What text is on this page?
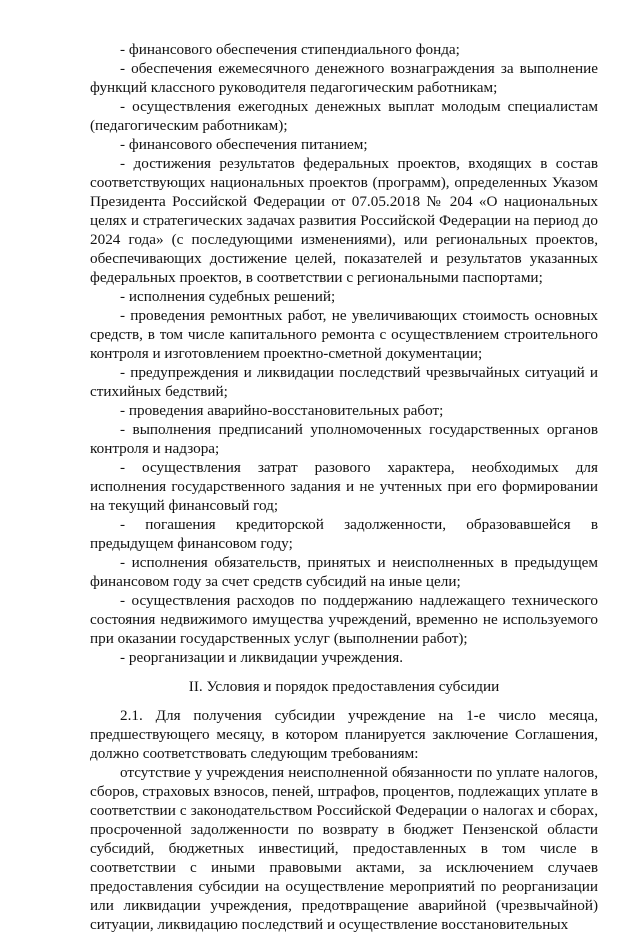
- финансового обеспечения стипендиального фонда;

- обеспечения ежемесячного денежного вознаграждения за выполнение функций классного руководителя педагогическим работникам;

- осуществления ежегодных денежных выплат молодым специалистам (педагогическим работникам);

- финансового обеспечения питанием;

- достижения результатов федеральных проектов, входящих в состав соответствующих национальных проектов (программ), определенных Указом Президента Российской Федерации от 07.05.2018 № 204 «О национальных целях и стратегических задачах развития Российской Федерации на период до 2024 года» (с последующими изменениями), или региональных проектов, обеспечивающих достижение целей, показателей и результатов указанных федеральных проектов, в соответствии с региональными паспортами;

- исполнения судебных решений;

- проведения ремонтных работ, не увеличивающих стоимость основных средств, в том числе капитального ремонта с осуществлением строительного контроля и изготовлением проектно-сметной документации;

- предупреждения и ликвидации последствий чрезвычайных ситуаций и стихийных бедствий;

- проведения аварийно-восстановительных работ;

- выполнения предписаний уполномоченных государственных органов контроля и надзора;

- осуществления затрат разового характера, необходимых для исполнения государственного задания и не учтенных при его формировании на текущий финансовый год;

- погашения кредиторской задолженности, образовавшейся в предыдущем финансовом году;

- исполнения обязательств, принятых и неисполненных в предыдущем финансовом году за счет средств субсидий на иные цели;

- осуществления расходов по поддержанию надлежащего технического состояния недвижимого имущества учреждений, временно не используемого при оказании государственных услуг (выполнении работ);

- реорганизации и ликвидации учреждения.

II. Условия и порядок предоставления субсидии

2.1. Для получения субсидии учреждение на 1-е число месяца, предшествующего месяцу, в котором планируется заключение Соглашения, должно соответствовать следующим требованиям:

отсутствие у учреждения неисполненной обязанности по уплате налогов, сборов, страховых взносов, пеней, штрафов, процентов, подлежащих уплате в соответствии с законодательством Российской Федерации о налогах и сборах, просроченной задолженности по возврату в бюджет Пензенской области субсидий, бюджетных инвестиций, предоставленных в том числе в соответствии с иными правовыми актами, за исключением случаев предоставления субсидии на осуществление мероприятий по реорганизации или ликвидации учреждения, предотвращение аварийной (чрезвычайной) ситуации, ликвидацию последствий и осуществление восстановительных
